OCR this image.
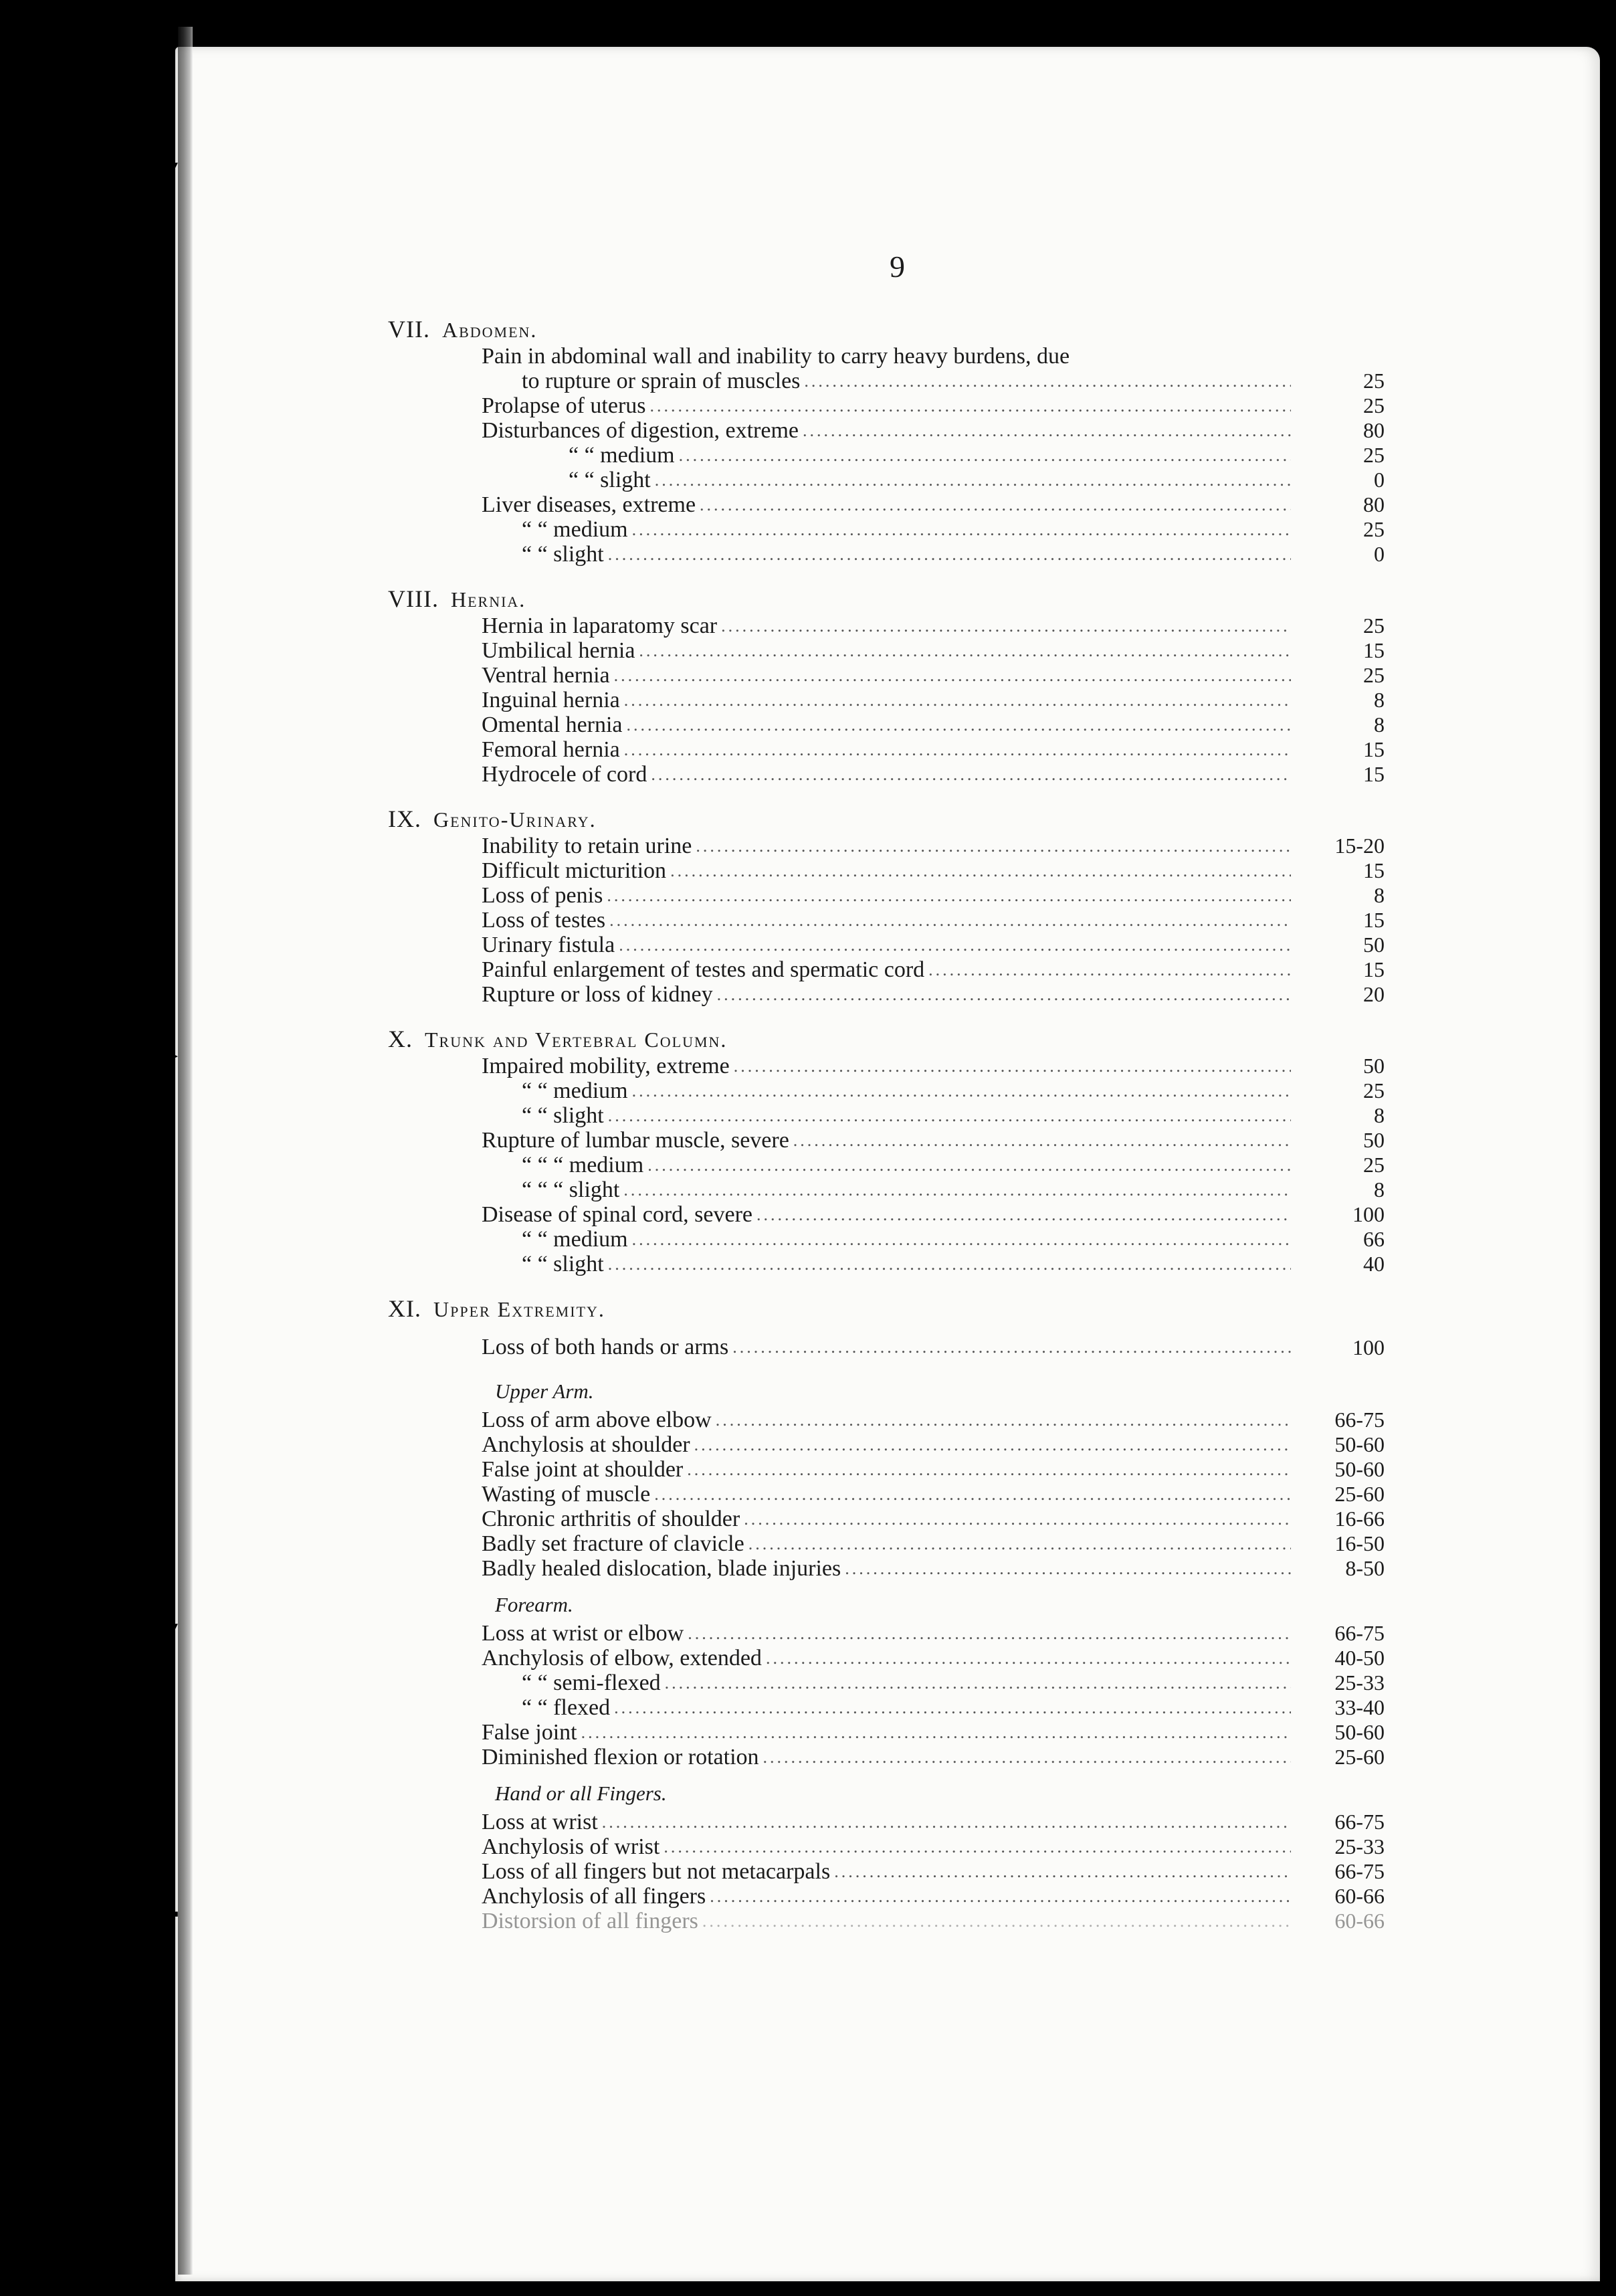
▼
●
➤
▼
✚
9
VII. Abdomen.
Pain in abdominal wall and inability to carry heavy burdens, due
to rupture or sprain of muscles .....	25
Prolapse of uterus .....	25
Disturbances of digestion, extreme .....	80
“ “ medium .....	25
“ “ slight .....	0
Liver diseases, extreme .....	80
“ “ medium .....	25
“ “ slight .....	0
VIII. Hernia.
Hernia in laparatomy scar .....	25
Umbilical hernia .....	15
Ventral hernia .....	25
Inguinal hernia .....	8
Omental hernia .....	8
Femoral hernia .....	15
Hydrocele of cord .....	15
IX. Genito-Urinary.
Inability to retain urine .....	15-20
Difficult micturition .....	15
Loss of penis .....	8
Loss of testes .....	15
Urinary fistula .....	50
Painful enlargement of testes and spermatic cord .....	15
Rupture or loss of kidney .....	20
X. Trunk and Vertebral Column.
Impaired mobility, extreme .....	50
“ “ medium .....	25
“ “ slight .....	8
Rupture of lumbar muscle, severe .....	50
“ “ “ medium .....	25
“ “ “ slight .....	8
Disease of spinal cord, severe .....	100
“ “ medium .....	66
“ “ slight .....	40
XI. Upper Extremity.
Loss of both hands or arms .....	100
Upper Arm.
Loss of arm above elbow .....	66-75
Anchylosis at shoulder .....	50-60
False joint at shoulder .....	50-60
Wasting of muscle .....	25-60
Chronic arthritis of shoulder .....	16-66
Badly set fracture of clavicle .....	16-50
Badly healed dislocation, blade injuries .....	8-50
Forearm.
Loss at wrist or elbow .....	66-75
Anchylosis of elbow, extended .....	40-50
“ “ semi-flexed .....	25-33
“ “ flexed .....	33-40
False joint .....	50-60
Diminished flexion or rotation .....	25-60
Hand or all Fingers.
Loss at wrist .....	66-75
Anchylosis of wrist .....	25-33
Loss of all fingers but not metacarpals .....	66-75
Anchylosis of all fingers .....	60-66
Distorsion of all fingers .....	60-66
